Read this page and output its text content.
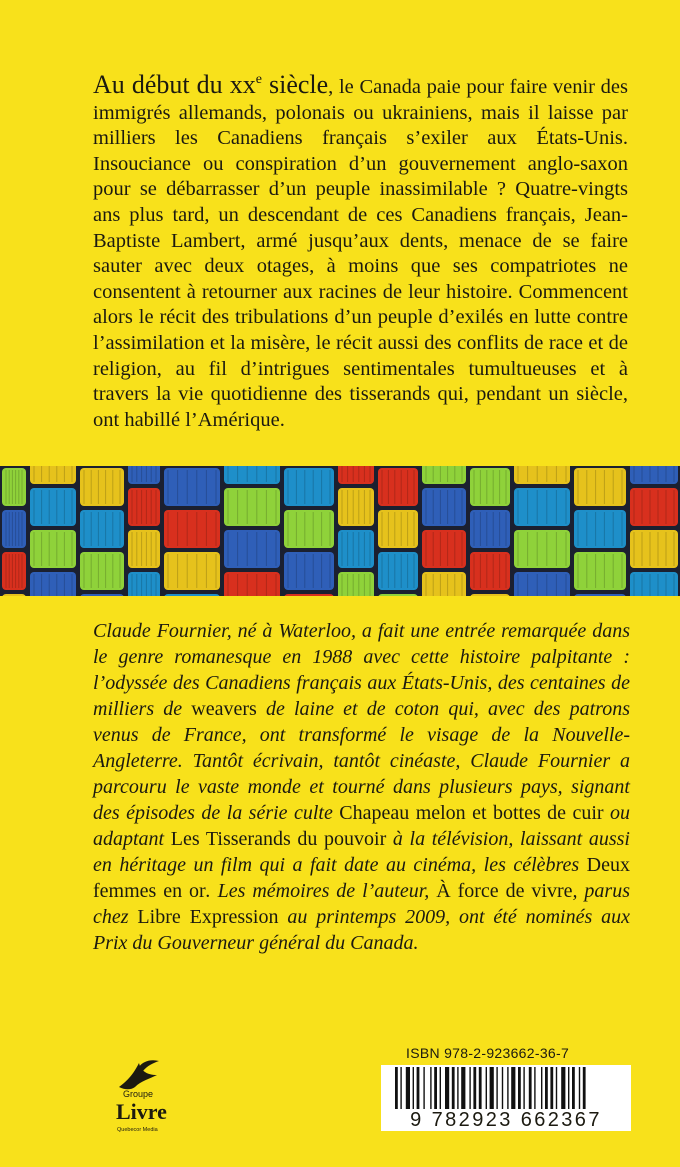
Au début du $xx^e$ siècle, le Canada paie pour faire venir des immigrés allemands, polonais ou ukrainiens, mais il laisse par milliers les Canadiens français s’exiler aux États-Unis. Insouciance ou conspiration d’un gouvernement anglo-saxon pour se débarrasser d’un peuple inassimilable ? Quatre-vingts ans plus tard, un descendant de ces Canadiens français, Jean-Baptiste Lambert, armé jusqu’aux dents, menace de se faire sauter avec deux otages, à moins que ses compatriotes ne consentent à retourner aux racines de leur histoire. Commencent alors le récit des tribulations d’un peuple d’exilés en lutte contre l’assimilation et la misère, le récit aussi des conflits de race et de religion, au fil d’intrigues sentimentales tumultueuses et à travers la vie quotidienne des tisserands qui, pendant un siècle, ont habillé l’Amérique.

Claude Fournier, né à Waterloo, a fait une entrée remarquée dans le genre romanesque en 1988 avec cette histoire palpitante : l’odyssée des Canadiens français aux États-Unis, des centaines de milliers de weavers de laine et de coton qui, avec des patrons venus de France, ont transformé le visage de la Nouvelle-Angleterre. Tantôt écrivain, tantôt cinéaste, Claude Fournier a parcouru le vaste monde et tourné dans plusieurs pays, signant des épisodes de la série culte Chapeau melon et bottes de cuir ou adaptant Les Tisserands du pouvoir à la télévision, laissant aussi en héritage un film qui a fait date au cinéma, les célèbres Deux femmes en or. Les mémoires de l’auteur, À force de vivre, parus chez Libre Expression au printemps 2009, ont été nominés aux Prix du Gouverneur général du Canada.

Groupe
Livre
Quebecor Media
ISBN 978-2-923662-36-7
9 782923 662367
